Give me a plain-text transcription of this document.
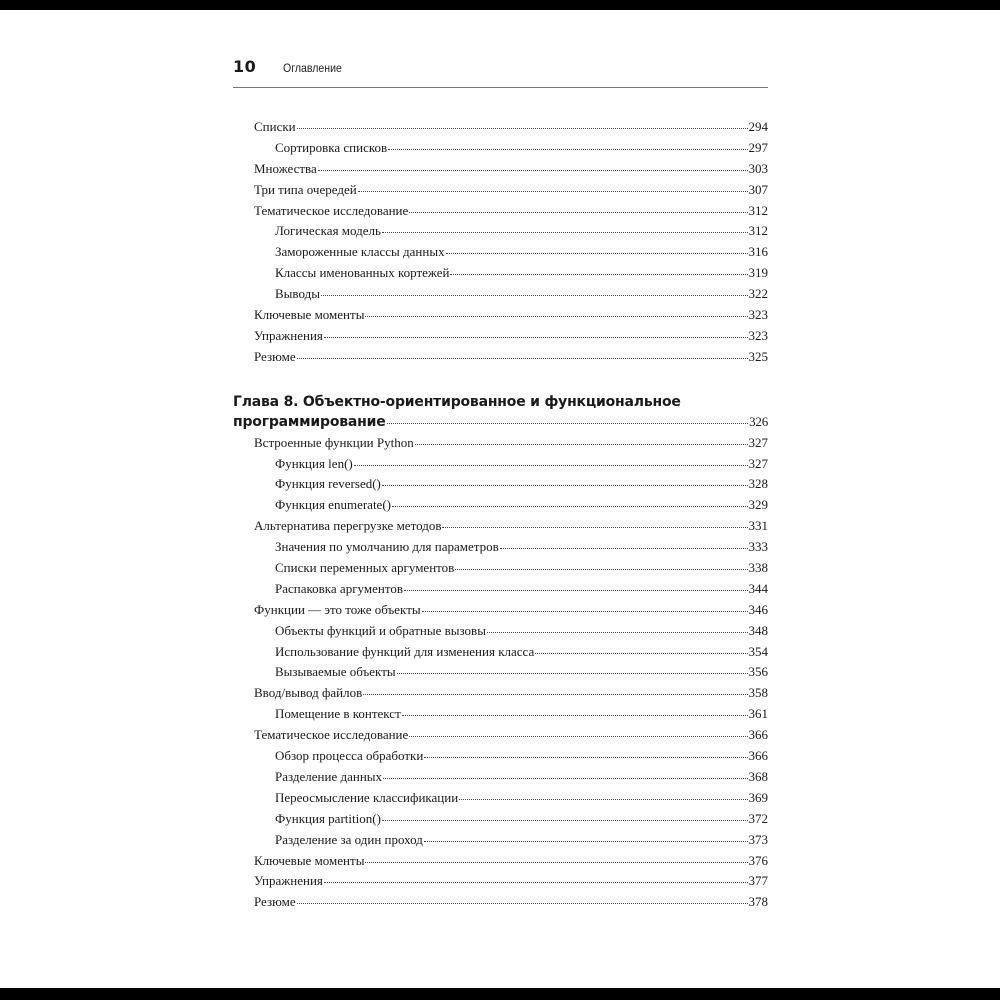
10 Оглавление
Списки	294
Сортировка списков	297
Множества	303
Три типа очередей	307
Тематическое исследование	312
Логическая модель	312
Замороженные классы данных	316
Классы именованных кортежей	319
Выводы	322
Ключевые моменты	323
Упражнения	323
Резюме	325
Глава 8. Объектно-ориентированное и функциональное
программирование	326
Встроенные функции Python	327
Функция len()	327
Функция reversed()	328
Функция enumerate()	329
Альтернатива перегрузке методов	331
Значения по умолчанию для параметров	333
Списки переменных аргументов	338
Распаковка аргументов	344
Функции — это тоже объекты	346
Объекты функций и обратные вызовы	348
Использование функций для изменения класса	354
Вызываемые объекты	356
Ввод/вывод файлов	358
Помещение в контекст	361
Тематическое исследование	366
Обзор процесса обработки	366
Разделение данных	368
Переосмысление классификации	369
Функция partition()	372
Разделение за один проход	373
Ключевые моменты	376
Упражнения	377
Резюме	378
